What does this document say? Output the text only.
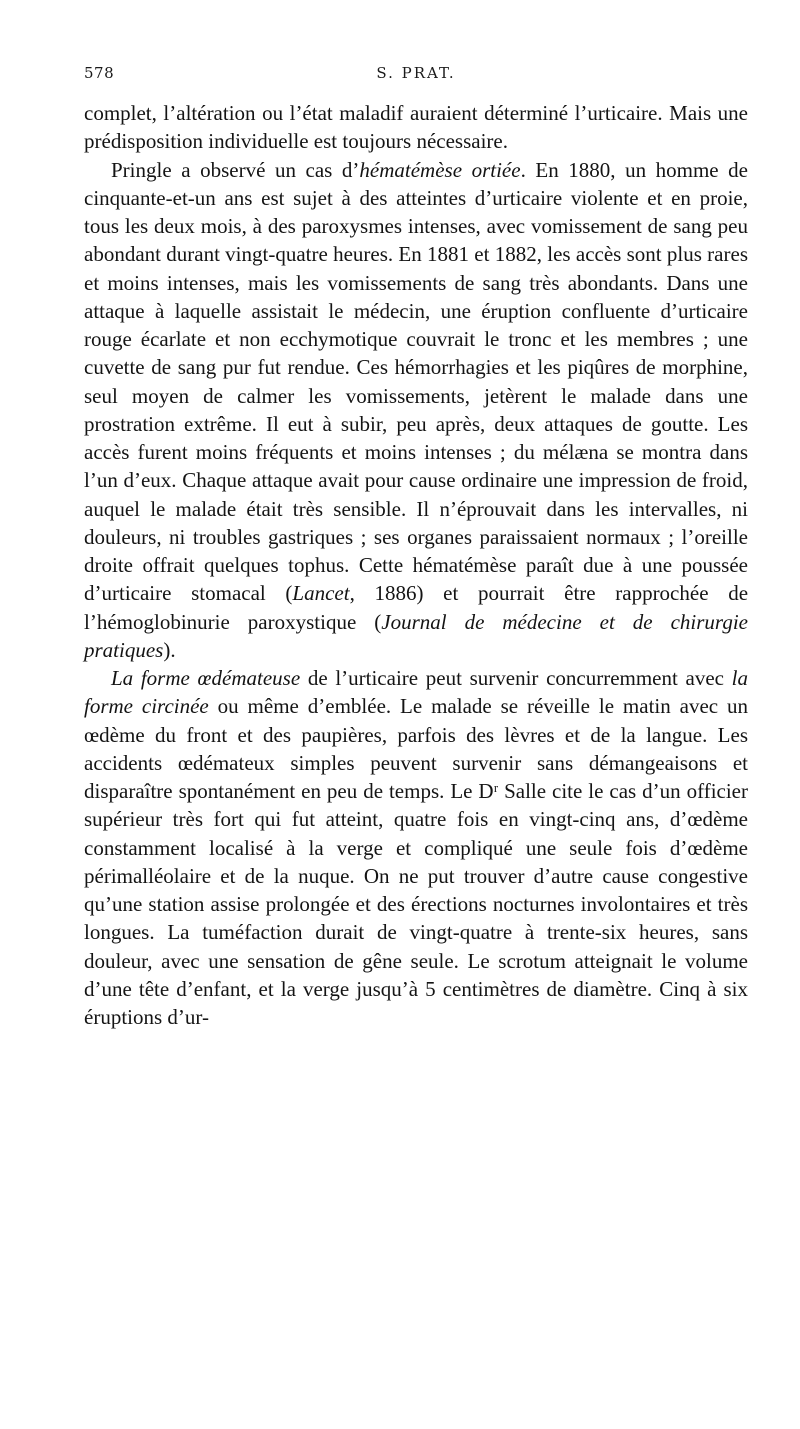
578	S. PRAT.

complet, l’altération ou l’état maladif auraient déterminé l’urticaire. Mais une prédisposition individuelle est toujours nécessaire.

Pringle a observé un cas d’hématémèse ortiée. En 1880, un homme de cinquante-et-un ans est sujet à des atteintes d’urticaire violente et en proie, tous les deux mois, à des paroxysmes intenses, avec vomissement de sang peu abondant durant vingt-quatre heures. En 1881 et 1882, les accès sont plus rares et moins intenses, mais les vomissements de sang très abondants. Dans une attaque à laquelle assistait le médecin, une éruption confluente d’urticaire rouge écarlate et non ecchymotique couvrait le tronc et les membres ; une cuvette de sang pur fut rendue. Ces hémorrhagies et les piqûres de morphine, seul moyen de calmer les vomissements, jetèrent le malade dans une prostration extrême. Il eut à subir, peu après, deux attaques de goutte. Les accès furent moins fréquents et moins intenses ; du mélæna se montra dans l’un d’eux. Chaque attaque avait pour cause ordinaire une impression de froid, auquel le malade était très sensible. Il n’éprouvait dans les intervalles, ni douleurs, ni troubles gastriques ; ses organes paraissaient normaux ; l’oreille droite offrait quelques tophus. Cette hématémèse paraît due à une poussée d’urticaire stomacal (Lancet, 1886) et pourrait être rapprochée de l’hémoglobinurie paroxystique (Journal de médecine et de chirurgie pratiques).

La forme œdémateuse de l’urticaire peut survenir concurremment avec la forme circinée ou même d’emblée. Le malade se réveille le matin avec un œdème du front et des paupières, parfois des lèvres et de la langue. Les accidents œdémateux simples peuvent survenir sans démangeaisons et disparaître spontanément en peu de temps. Le Dʳ Salle cite le cas d’un officier supérieur très fort qui fut atteint, quatre fois en vingt-cinq ans, d’œdème constamment localisé à la verge et compliqué une seule fois d’œdème périmalléolaire et de la nuque. On ne put trouver d’autre cause congestive qu’une station assise prolongée et des érections nocturnes involontaires et très longues. La tuméfaction durait de vingt-quatre à trente-six heures, sans douleur, avec une sensation de gêne seule. Le scrotum atteignait le volume d’une tête d’enfant, et la verge jusqu’à 5 centimètres de diamètre. Cinq à six éruptions d’ur-
